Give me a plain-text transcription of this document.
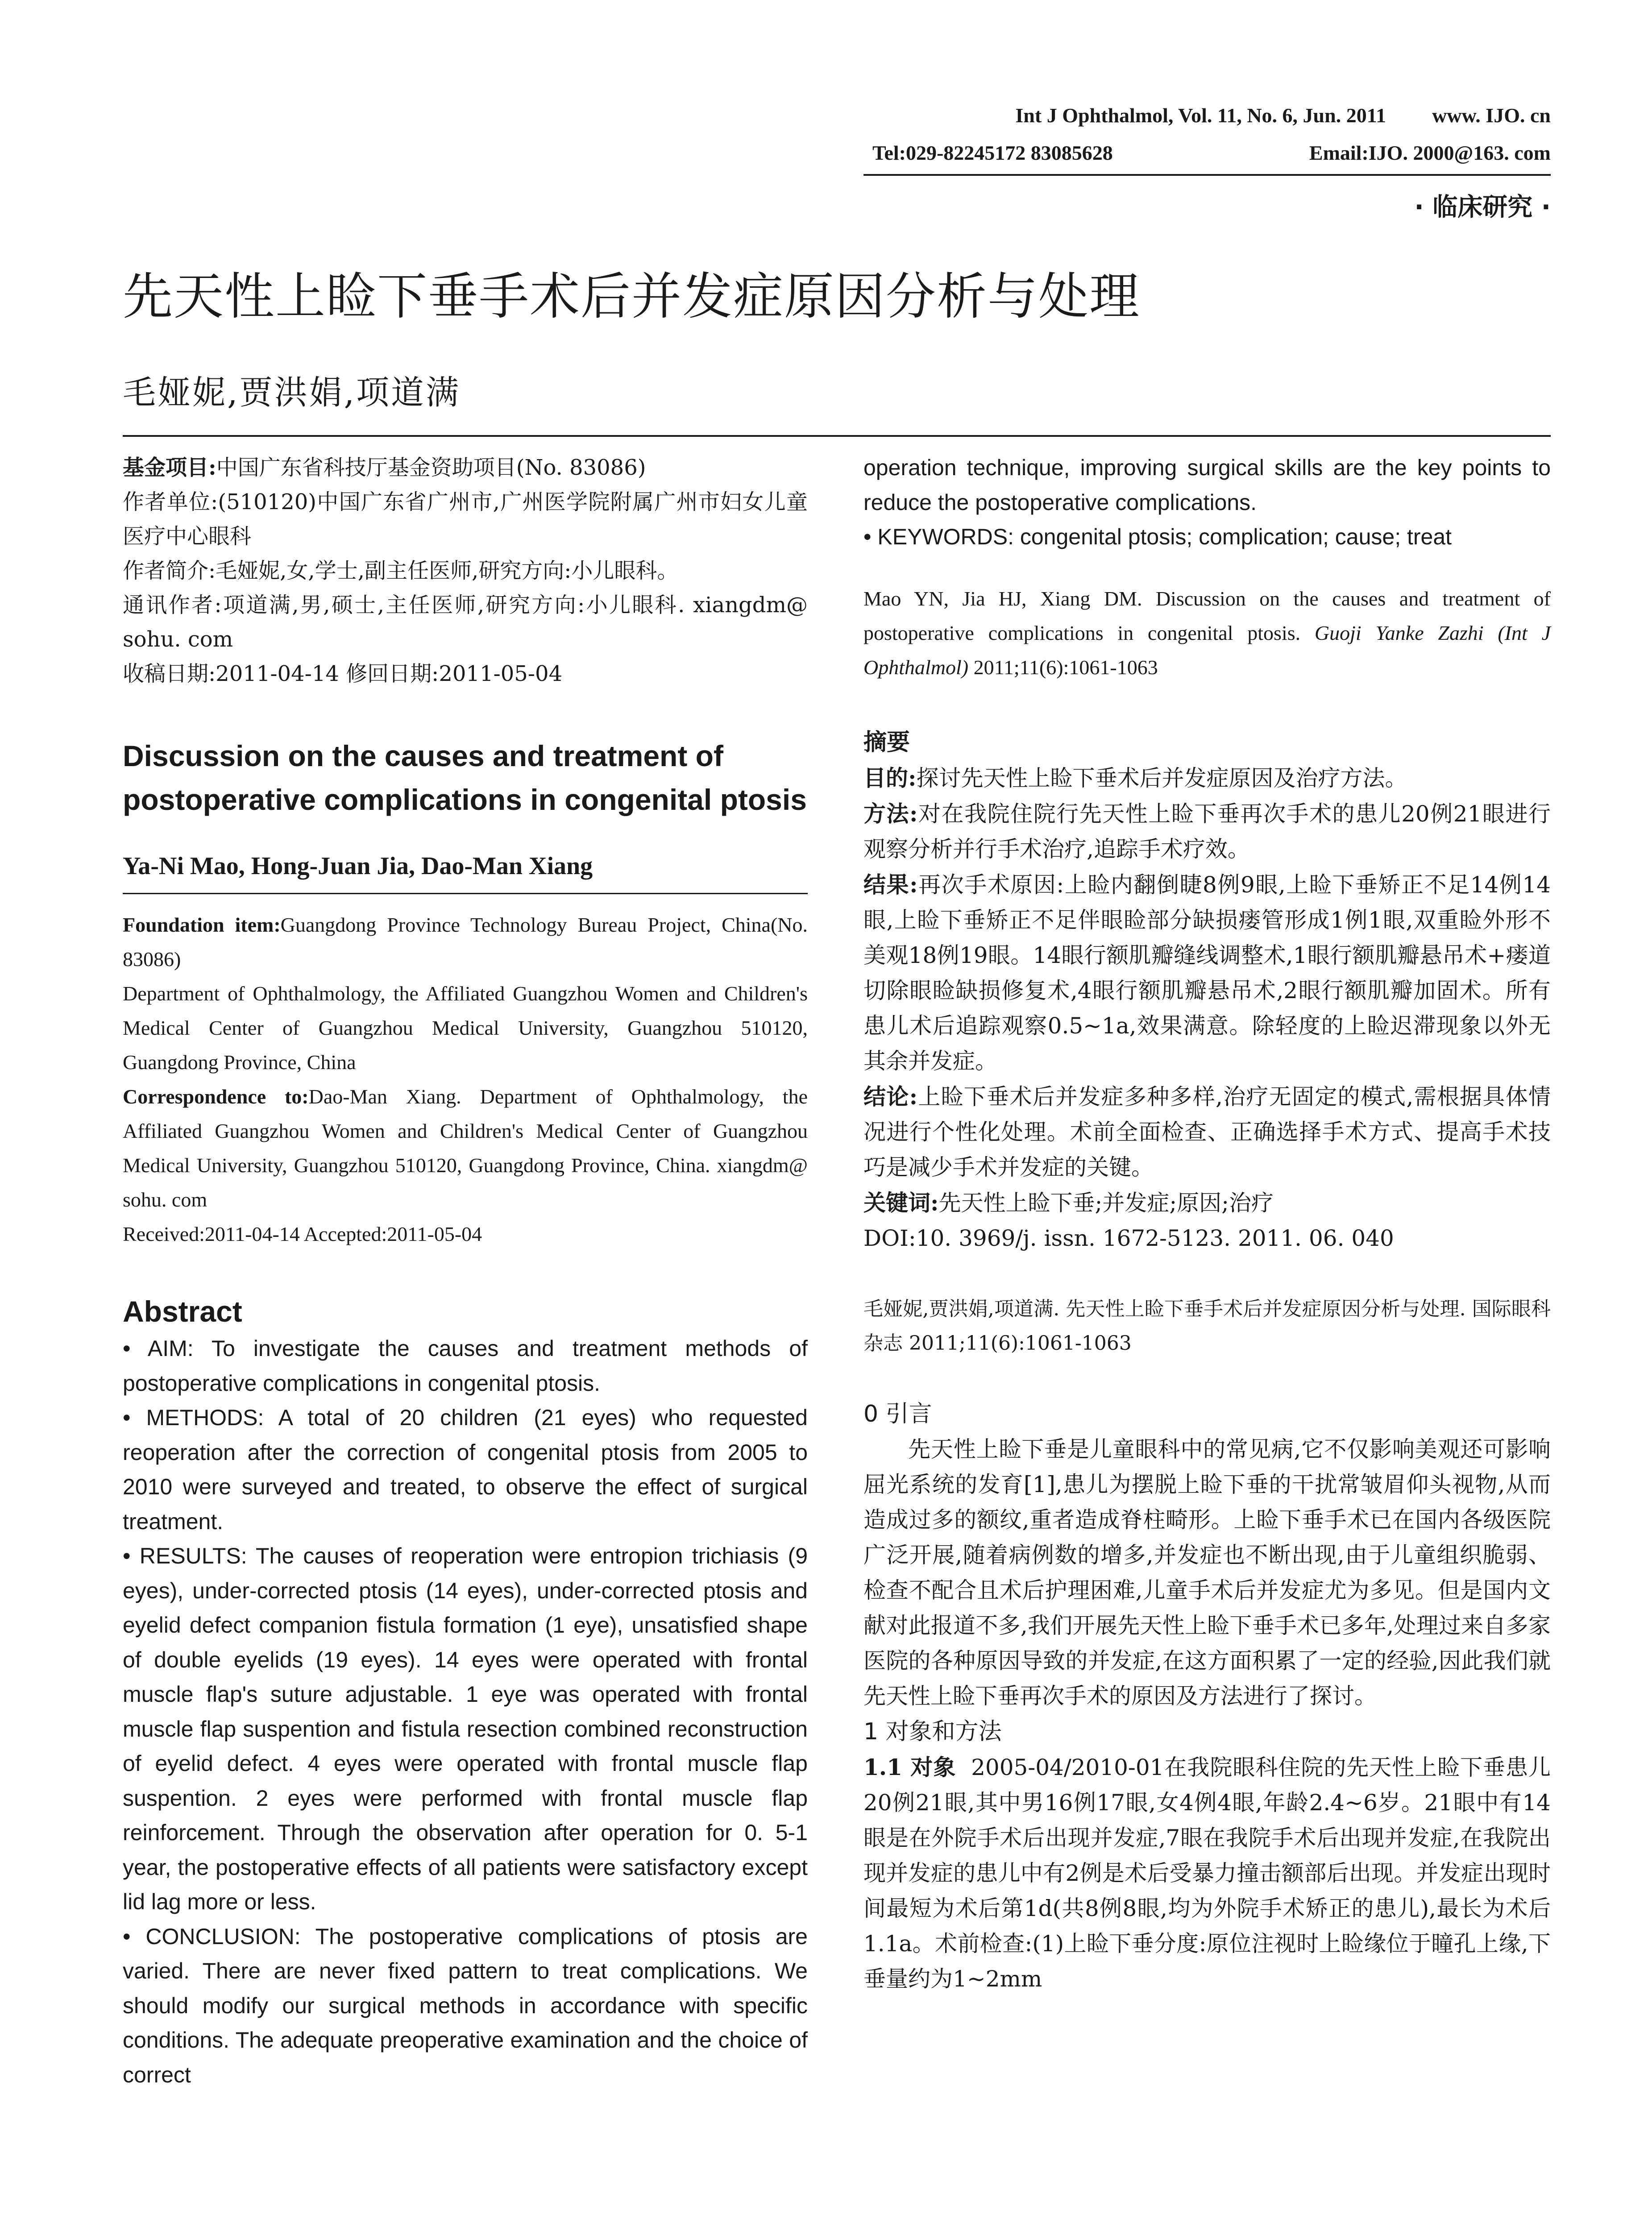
Int J Ophthalmol, Vol. 11, No. 6, Jun. 2011 www. IJO. cn
Tel:029-82245172 83085628	Email:IJO. 2000@163. com
· 临床研究 ·
先天性上睑下垂手术后并发症原因分析与处理
毛娅妮,贾洪娟,项道满

基金项目:中国广东省科技厅基金资助项目(No. 83086)

作者单位:(510120)中国广东省广州市,广州医学院附属广州市妇女儿童医疗中心眼科

作者简介:毛娅妮,女,学士,副主任医师,研究方向:小儿眼科。

通讯作者:项道满,男,硕士,主任医师,研究方向:小儿眼科. xiangdm@ sohu. com

收稿日期:2011-04-14 修回日期:2011-05-04

Discussion on the causes and treatment of postoperative complications in congenital ptosis

Ya-Ni Mao, Hong-Juan Jia, Dao-Man Xiang

Foundation item:Guangdong Province Technology Bureau Project, China(No. 83086)

Department of Ophthalmology, the Affiliated Guangzhou Women and Children's Medical Center of Guangzhou Medical University, Guangzhou 510120, Guangdong Province, China

Correspondence to:Dao-Man Xiang. Department of Ophthalmology, the Affiliated Guangzhou Women and Children's Medical Center of Guangzhou Medical University, Guangzhou 510120, Guangdong Province, China. xiangdm@ sohu. com

Received:2011-04-14 Accepted:2011-05-04

Abstract

• AIM: To investigate the causes and treatment methods of postoperative complications in congenital ptosis.

• METHODS: A total of 20 children (21 eyes) who requested reoperation after the correction of congenital ptosis from 2005 to 2010 were surveyed and treated, to observe the effect of surgical treatment.

• RESULTS: The causes of reoperation were entropion trichiasis (9 eyes), under-corrected ptosis (14 eyes), under-corrected ptosis and eyelid defect companion fistula formation (1 eye), unsatisfied shape of double eyelids (19 eyes). 14 eyes were operated with frontal muscle flap's suture adjustable. 1 eye was operated with frontal muscle flap suspention and fistula resection combined reconstruction of eyelid defect. 4 eyes were operated with frontal muscle flap suspention. 2 eyes were performed with frontal muscle flap reinforcement. Through the observation after operation for 0. 5-1 year, the postoperative effects of all patients were satisfactory except lid lag more or less.

• CONCLUSION: The postoperative complications of ptosis are varied. There are never fixed pattern to treat complications. We should modify our surgical methods in accordance with specific conditions. The adequate preoperative examination and the choice of correct

operation technique, improving surgical skills are the key points to reduce the postoperative complications.

• KEYWORDS: congenital ptosis; complication; cause; treat

Mao YN, Jia HJ, Xiang DM. Discussion on the causes and treatment of postoperative complications in congenital ptosis. Guoji Yanke Zazhi (Int J Ophthalmol) 2011;11(6):1061-1063

摘要

目的:探讨先天性上睑下垂术后并发症原因及治疗方法。

方法:对在我院住院行先天性上睑下垂再次手术的患儿20例21眼进行观察分析并行手术治疗,追踪手术疗效。

结果:再次手术原因:上睑内翻倒睫8例9眼,上睑下垂矫正不足14例14眼,上睑下垂矫正不足伴眼睑部分缺损瘘管形成1例1眼,双重睑外形不美观18例19眼。14眼行额肌瓣缝线调整术,1眼行额肌瓣悬吊术+瘘道切除眼睑缺损修复术,4眼行额肌瓣悬吊术,2眼行额肌瓣加固术。所有患儿术后追踪观察0.5~1a,效果满意。除轻度的上睑迟滞现象以外无其余并发症。

结论:上睑下垂术后并发症多种多样,治疗无固定的模式,需根据具体情况进行个性化处理。术前全面检查、正确选择手术方式、提高手术技巧是减少手术并发症的关键。

关键词:先天性上睑下垂;并发症;原因;治疗

DOI:10. 3969/j. issn. 1672-5123. 2011. 06. 040

毛娅妮,贾洪娟,项道满. 先天性上睑下垂手术后并发症原因分析与处理. 国际眼科杂志 2011;11(6):1061-1063

0 引言

先天性上睑下垂是儿童眼科中的常见病,它不仅影响美观还可影响屈光系统的发育[1],患儿为摆脱上睑下垂的干扰常皱眉仰头视物,从而造成过多的额纹,重者造成脊柱畸形。上睑下垂手术已在国内各级医院广泛开展,随着病例数的增多,并发症也不断出现,由于儿童组织脆弱、检查不配合且术后护理困难,儿童手术后并发症尤为多见。但是国内文献对此报道不多,我们开展先天性上睑下垂手术已多年,处理过来自多家医院的各种原因导致的并发症,在这方面积累了一定的经验,因此我们就先天性上睑下垂再次手术的原因及方法进行了探讨。

1 对象和方法

1.1 对象 2005-04/2010-01在我院眼科住院的先天性上睑下垂患儿20例21眼,其中男16例17眼,女4例4眼,年龄2.4~6岁。21眼中有14眼是在外院手术后出现并发症,7眼在我院手术后出现并发症,在我院出现并发症的患儿中有2例是术后受暴力撞击额部后出现。并发症出现时间最短为术后第1d(共8例8眼,均为外院手术矫正的患儿),最长为术后1.1a。术前检查:(1)上睑下垂分度:原位注视时上睑缘位于瞳孔上缘,下垂量约为1~2mm
